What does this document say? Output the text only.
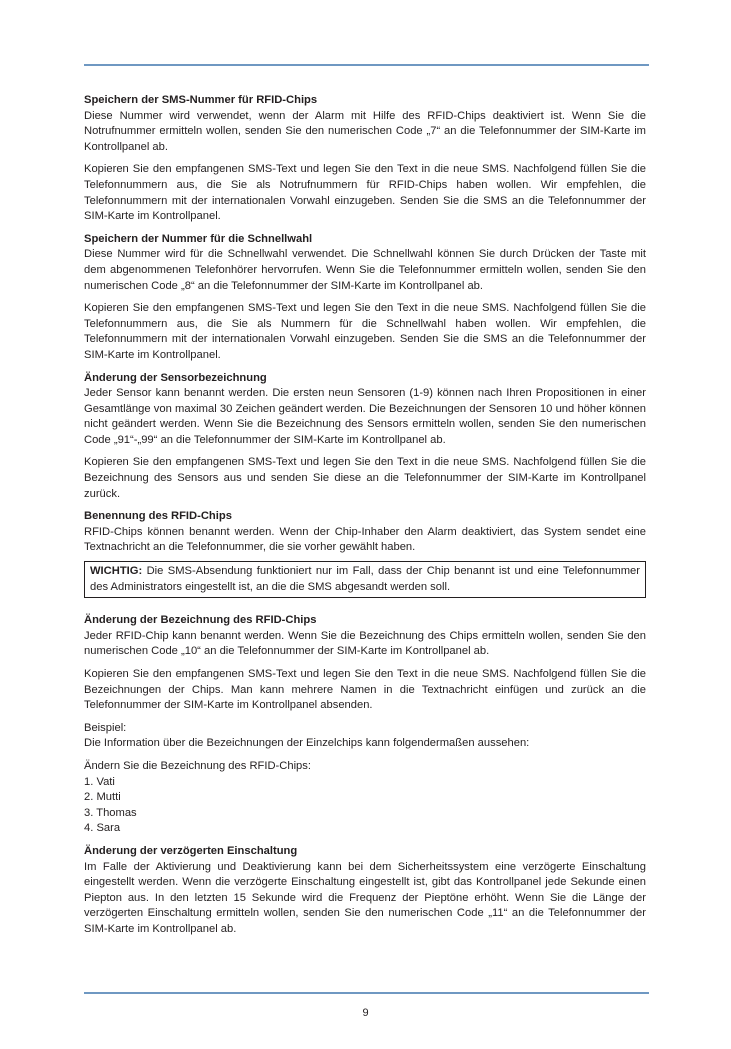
Speichern der SMS-Nummer für RFID-Chips
Diese Nummer wird verwendet, wenn der Alarm mit Hilfe des RFID-Chips deaktiviert ist. Wenn Sie die Notrufnummer ermitteln wollen, senden Sie den numerischen Code „7“ an die Telefonnummer der SIM-Karte im Kontrollpanel ab.

Kopieren Sie den empfangenen SMS-Text und legen Sie den Text in die neue SMS. Nachfolgend füllen Sie die Telefonnummern aus, die Sie als Notrufnummern für RFID-Chips haben wollen. Wir empfehlen, die Telefonnummern mit der internationalen Vorwahl einzugeben. Senden Sie die SMS an die Telefonnummer der SIM-Karte im Kontrollpanel.

Speichern der Nummer für die Schnellwahl
Diese Nummer wird für die Schnellwahl verwendet. Die Schnellwahl können Sie durch Drücken der Taste mit dem abgenommenen Telefonhörer hervorrufen. Wenn Sie die Telefonnummer ermitteln wollen, senden Sie den numerischen Code „8“ an die Telefonnummer der SIM-Karte im Kontrollpanel ab.

Kopieren Sie den empfangenen SMS-Text und legen Sie den Text in die neue SMS. Nachfolgend füllen Sie die Telefonnummern aus, die Sie als Nummern für die Schnellwahl haben wollen. Wir empfehlen, die Telefonnummern mit der internationalen Vorwahl einzugeben. Senden Sie die SMS an die Telefonnummer der SIM-Karte im Kontrollpanel.

Änderung der Sensorbezeichnung
Jeder Sensor kann benannt werden. Die ersten neun Sensoren (1-9) können nach Ihren Propositionen in einer Gesamtlänge von maximal 30 Zeichen geändert werden. Die Bezeichnungen der Sensoren 10 und höher können nicht geändert werden. Wenn Sie die Bezeichnung des Sensors ermitteln wollen, senden Sie den numerischen Code „91“-„99“ an die Telefonnummer der SIM-Karte im Kontrollpanel ab.

Kopieren Sie den empfangenen SMS-Text und legen Sie den Text in die neue SMS. Nachfolgend füllen Sie die Bezeichnung des Sensors aus und senden Sie diese an die Telefonnummer der SIM-Karte im Kontrollpanel zurück.

Benennung des RFID-Chips
RFID-Chips können benannt werden. Wenn der Chip-Inhaber den Alarm deaktiviert, das System sendet eine Textnachricht an die Telefonnummer, die sie vorher gewählt haben.

WICHTIG: Die SMS-Absendung funktioniert nur im Fall, dass der Chip benannt ist und eine Telefonnummer des Administrators eingestellt ist, an die die SMS abgesandt werden soll.

Änderung der Bezeichnung des RFID-Chips
Jeder RFID-Chip kann benannt werden. Wenn Sie die Bezeichnung des Chips ermitteln wollen, senden Sie den numerischen Code „10“ an die Telefonnummer der SIM-Karte im Kontrollpanel ab.

Kopieren Sie den empfangenen SMS-Text und legen Sie den Text in die neue SMS. Nachfolgend füllen Sie die Bezeichnungen der Chips. Man kann mehrere Namen in die Textnachricht einfügen und zurück an die Telefonnummer der SIM-Karte im Kontrollpanel absenden.

Beispiel:
Die Information über die Bezeichnungen der Einzelchips kann folgendermaßen aussehen:

Ändern Sie die Bezeichnung des RFID-Chips:
1. Vati
2. Mutti
3. Thomas
4. Sara

Änderung der verzögerten Einschaltung
Im Falle der Aktivierung und Deaktivierung kann bei dem Sicherheitssystem eine verzögerte Einschaltung eingestellt werden. Wenn die verzögerte Einschaltung eingestellt ist, gibt das Kontrollpanel jede Sekunde einen Piepton aus. In den letzten 15 Sekunde wird die Frequenz der Pieptöne erhöht. Wenn Sie die Länge der verzögerten Einschaltung ermitteln wollen, senden Sie den numerischen Code „11“ an die Telefonnummer der SIM-Karte im Kontrollpanel ab.

9
